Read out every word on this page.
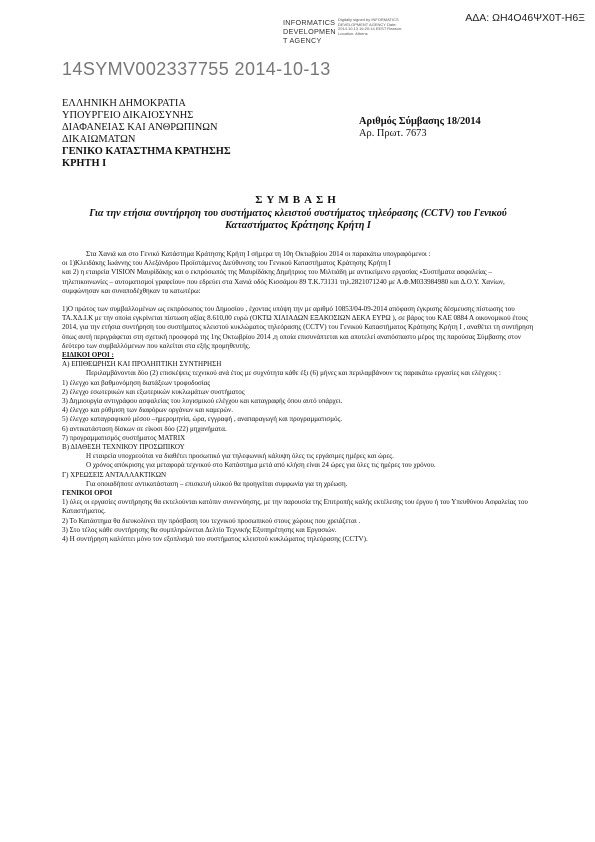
ΑΔΑ: ΩΗ4Ο46ΨΧ0Τ-Η6Ξ
INFORMATICS
DEVELOPMEN
T AGENCY
Digitally signed by INFORMATICS DEVELOPMENT AGENCY Date: 2014.10.13 16:20:14 EEST Reason: Location: Athens
14SYMV002337755 2014-10-13
ΕΛΛΗΝΙΚΗ ΔΗΜΟΚΡΑΤΙΑ
ΥΠΟΥΡΓΕΙΟ ΔΙΚΑΙΟΣΥΝΗΣ
ΔΙΑΦΑΝΕΙΑΣ ΚΑΙ ΑΝΘΡΩΠΙΝΩΝ
ΔΙΚΑΙΩΜΑΤΩΝ
ΓΕΝΙΚΟ ΚΑΤΑΣΤΗΜΑ ΚΡΑΤΗΣΗΣ
ΚΡΗΤΗ Ι
Αριθμός Σύμβασης 18/2014
Αρ. Πρωτ. 7673
ΣΥΜΒΑΣΗ
Για την ετήσια συντήρηση του συστήματος κλειστού συστήματος τηλεόρασης (CCTV) του Γενικού Καταστήματος Κράτησης Κρήτη Ι

Στα Χανιά και στο Γενικό Κατάστημα Κράτησης Κρήτη Ι σήμερα τη 10η Οκτωβρίου 2014 οι παρακάτω υπογραφόμενοι :

οι 1)Κλειδάκης Ιωάννης του Αλεξάνδρου Προϊστάμενος Διεύθυνσης του Γενικού Καταστήματος Κράτησης Κρήτη Ι

και 2) η εταιρεία VISION Μαυρίδάκης και ο εκπρόσωπός της Μαυρίδάκης Δημήτριος του Μιλτιάδη με αντικείμενο εργασίας «Συστήματα ασφαλείας – τηλεπικοινωνίες – αυτοματισμοί γραφείου» που εδρεύει στα Χανιά οδός Κισσάμου 89 Τ.Κ.73131 τηλ.2821071240 με Α.Φ.Μ033984980 και Δ.Ο.Υ. Χανίων, συμφώνησαν και συναποδέχθηκαν τα κατωτέρω:

1)Ο πρώτος των συμβαλλομένων ως εκπρόσωπος του Δημοσίου , έχοντας υπόψη την με αριθμό 10853/04-09-2014 απόφαση έγκρισης δέσμευσης πίστωσης του ΤΑ.ΧΔ.Ι.Κ με την οποία εγκρίνεται πίστωση αξίας 8.610,00 ευρώ (ΟΚΤΩ ΧΙΛΙΑΔΩΝ ΕΞΑΚΟΣΙΩΝ ΔΕΚΑ ΕΥΡΩ ), σε βάρος του ΚΑΕ 0884 Α οικονομικού έτους 2014, για την ετήσια συντήρηση του συστήματος κλειστού κυκλώματος τηλεόρασης (CCTV) του Γενικού Καταστήματος Κράτησης Κρήτη Ι , αναθέτει τη συντήρηση όπως αυτή περιγράφεται στη σχετική προσφορά της 1ης Οκτωβρίου 2014 ,η οποία επισυνάπτεται και αποτελεί αναπόσπαστο μέρος της παρούσας Σύμβασης στον δεύτερο των συμβαλλόμενων που καλείται στα εξής προμηθευτής.

ΕΙΔΙΚΟΙ ΟΡΟΙ :

Α) ΕΠΙΘΕΩΡΗΣΗ ΚΑΙ ΠΡΟΛΗΠΤΙΚΗ ΣΥΝΤΗΡΗΣΗ

Περιλαμβάνονται δύο (2) επισκέψεις τεχνικού ανά έτος με συχνότητα κάθε έξι (6) μήνες και περιλαμβάνουν τις παρακάτω εργασίες και ελέγχους :

1) έλεγχο και βαθμονόμηση διατάξεων τροφοδοσίας

2) έλεγχο εσωτερικών και εξωτερικών κυκλωμάτων συστήματος

3) Δημιουργία αντιγράφου ασφαλείας του λογισμικού ελέγχου και καταγραφής όπου αυτό υπάρχει.

4) έλεγχο και ρύθμιση των διαφόρων οργάνων και καμερών.

5) έλεγχο καταγραφικού μέσου –ημερομηνία, ώρα, εγγραφή , αναπαραγωγή και προγραμματισμός.

6) αντικατάσταση δίσκων σε είκοσι δύο (22) μηχανήματα.

7) προγραμματισμός συστήματος MATRIX

Β) ΔΙΑΘΕΣΗ ΤΕΧΝΙΚΟΥ ΠΡΟΣΩΠΙΚΟΥ

Η εταιρεία υποχρεούται να διαθέτει προσωπικό για τηλεφωνική κάλυψη όλες τις εργάσιμες ημέρες και ώρες.

Ο χρόνος απόκρισης για μεταφορά τεχνικού στο Κατάστημα μετά από κλήση είναι 24 ώρες για όλες τις ημέρες του χρόνου.

Γ) ΧΡΕΩΣΕΙΣ ΑΝΤΑΛΛΑΚΤΙΚΩΝ

Για οποιαδήποτε αντικατάσταση – επισκευή υλικού θα προηγείται συμφωνία για τη χρέωση.

ΓΕΝΙΚΟΙ ΟΡΟΙ

1) όλες οι εργασίες συντήρησης θα εκτελούνται κατόπιν συνεννόησης, με την παρουσία της Επιτροπής καλής εκτέλεσης του έργου ή του Υπευθύνου Ασφαλείας του Καταστήματος.

2) Το Κατάστημα θα διευκολύνει την πρόσβαση του τεχνικού προσωπικού στους χώρους που χρειάζεται .

3) Στο τέλος κάθε συντήρησης θα συμπληρώνεται Δελτίο Τεχνικής Εξυπηρέτησης και Εργασιών.

4) Η συντήρηση καλύπτει μόνο τον εξοπλισμό του συστήματος κλειστού κυκλώματος τηλεόρασης (CCTV).
